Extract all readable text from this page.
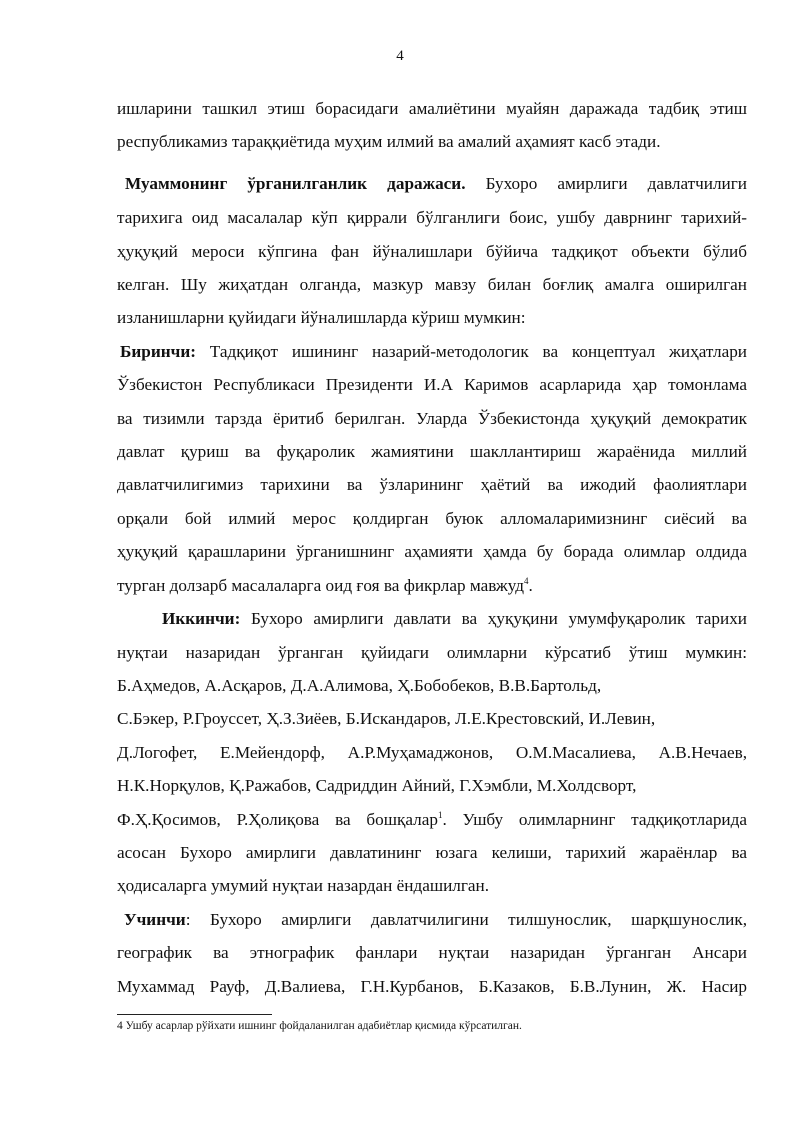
4
ишларини ташкил этиш борасидаги амалиётини муайян даражада тадбиқ этиш
республикамиз тараққиётида муҳим илмий ва амалий аҳамият касб этади.
Муаммонинг ўрганилганлик даражаси. Бухоро амирлиги давлатчилиги
тарихига оид масалалар кўп қиррали бўлганлиги боис, ушбу даврнинг тарихий-
ҳуқуқий мероси кўпгина фан йўналишлари бўйича тадқиқот объекти бўлиб
келган. Шу жиҳатдан олганда, мазкур мавзу билан боғлиқ амалга оширилган
изланишларни қуйидаги йўналишларда кўриш мумкин:
Биринчи: Тадқиқот ишининг назарий-методологик ва концептуал жиҳатлари
Ўзбекистон Республикаси Президенти И.А Каримов асарларида ҳар томонлама
ва тизимли тарзда ёритиб берилган. Уларда Ўзбекистонда ҳуқуқий демократик
давлат қуриш ва фуқаролик жамиятини шакллантириш жараёнида миллий
давлатчилигимиз тарихини ва ўзларининг ҳаётий ва ижодий фаолиятлари
орқали бой илмий мерос қолдирган буюк алломаларимизнинг сиёсий ва
ҳуқуқий қарашларини ўрганишнинг аҳамияти ҳамда бу борада олимлар олдида
турган долзарб масалаларга оид ғоя ва фикрлар мавжуд$^4$.
Иккинчи: Бухоро амирлиги давлати ва ҳуқуқини умумфуқаролик тарихи
нуқтаи назаридан ўрганган қуйидаги олимларни кўрсатиб ўтиш мумкин:
Б.Аҳмедов, А.Асқаров, Д.А.Алимова, Ҳ.Бобобеков, В.В.Бартольд,
С.Бэкер, Р.Гроуссет, Ҳ.З.Зиёев, Б.Искандаров, Л.Е.Крестовский, И.Левин,
Д.Логофет, Е.Мейендорф, А.Р.Муҳамаджонов, О.М.Масалиева, А.В.Нечаев,
Н.К.Норқулов, Қ.Ражабов, Садриддин Айний, Г.Хэмбли, М.Холдсворт,
Ф.Ҳ.Қосимов, Р.Ҳолиқова ва бошқалар$^1$. Ушбу олимларнинг тадқиқотларида
асосан Бухоро амирлиги давлатининг юзага келиши, тарихий жараёнлар ва
ҳодисаларга умумий нуқтаи назардан ёндашилган.
Учинчи: Бухоро амирлиги давлатчилигини тилшунослик, шарқшунослик,
географик ва этнографик фанлари нуқтаи назаридан ўрганган Ансари
Мухаммад Рауф, Д.Валиева, Г.Н.Курбанов, Б.Казаков, Б.В.Лунин, Ж. Насир
4 Ушбу асарлар рўйхати ишнинг фойдаланилган адабиётлар қисмида кўрсатилган.
